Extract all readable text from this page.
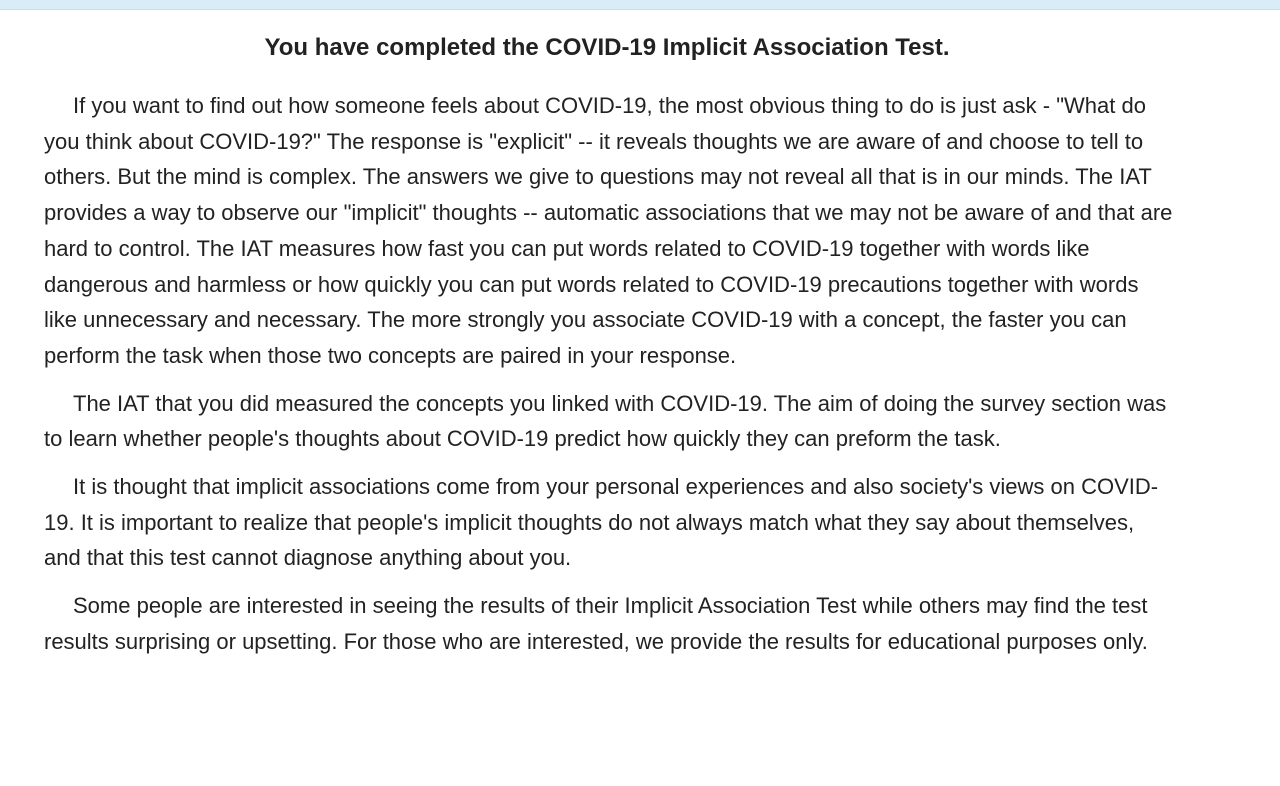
You have completed the COVID-19 Implicit Association Test.

If you want to find out how someone feels about COVID-19, the most obvious thing to do is just ask - "What do you think about COVID-19?" The response is "explicit" -- it reveals thoughts we are aware of and choose to tell to others. But the mind is complex. The answers we give to questions may not reveal all that is in our minds. The IAT provides a way to observe our "implicit" thoughts -- automatic associations that we may not be aware of and that are hard to control. The IAT measures how fast you can put words related to COVID-19 together with words like dangerous and harmless or how quickly you can put words related to COVID-19 precautions together with words like unnecessary and necessary. The more strongly you associate COVID-19 with a concept, the faster you can perform the task when those two concepts are paired in your response.

The IAT that you did measured the concepts you linked with COVID-19. The aim of doing the survey section was to learn whether people's thoughts about COVID-19 predict how quickly they can preform the task.

It is thought that implicit associations come from your personal experiences and also society's views on COVID-19. It is important to realize that people's implicit thoughts do not always match what they say about themselves, and that this test cannot diagnose anything about you.

Some people are interested in seeing the results of their Implicit Association Test while others may find the test results surprising or upsetting. For those who are interested, we provide the results for educational purposes only.
